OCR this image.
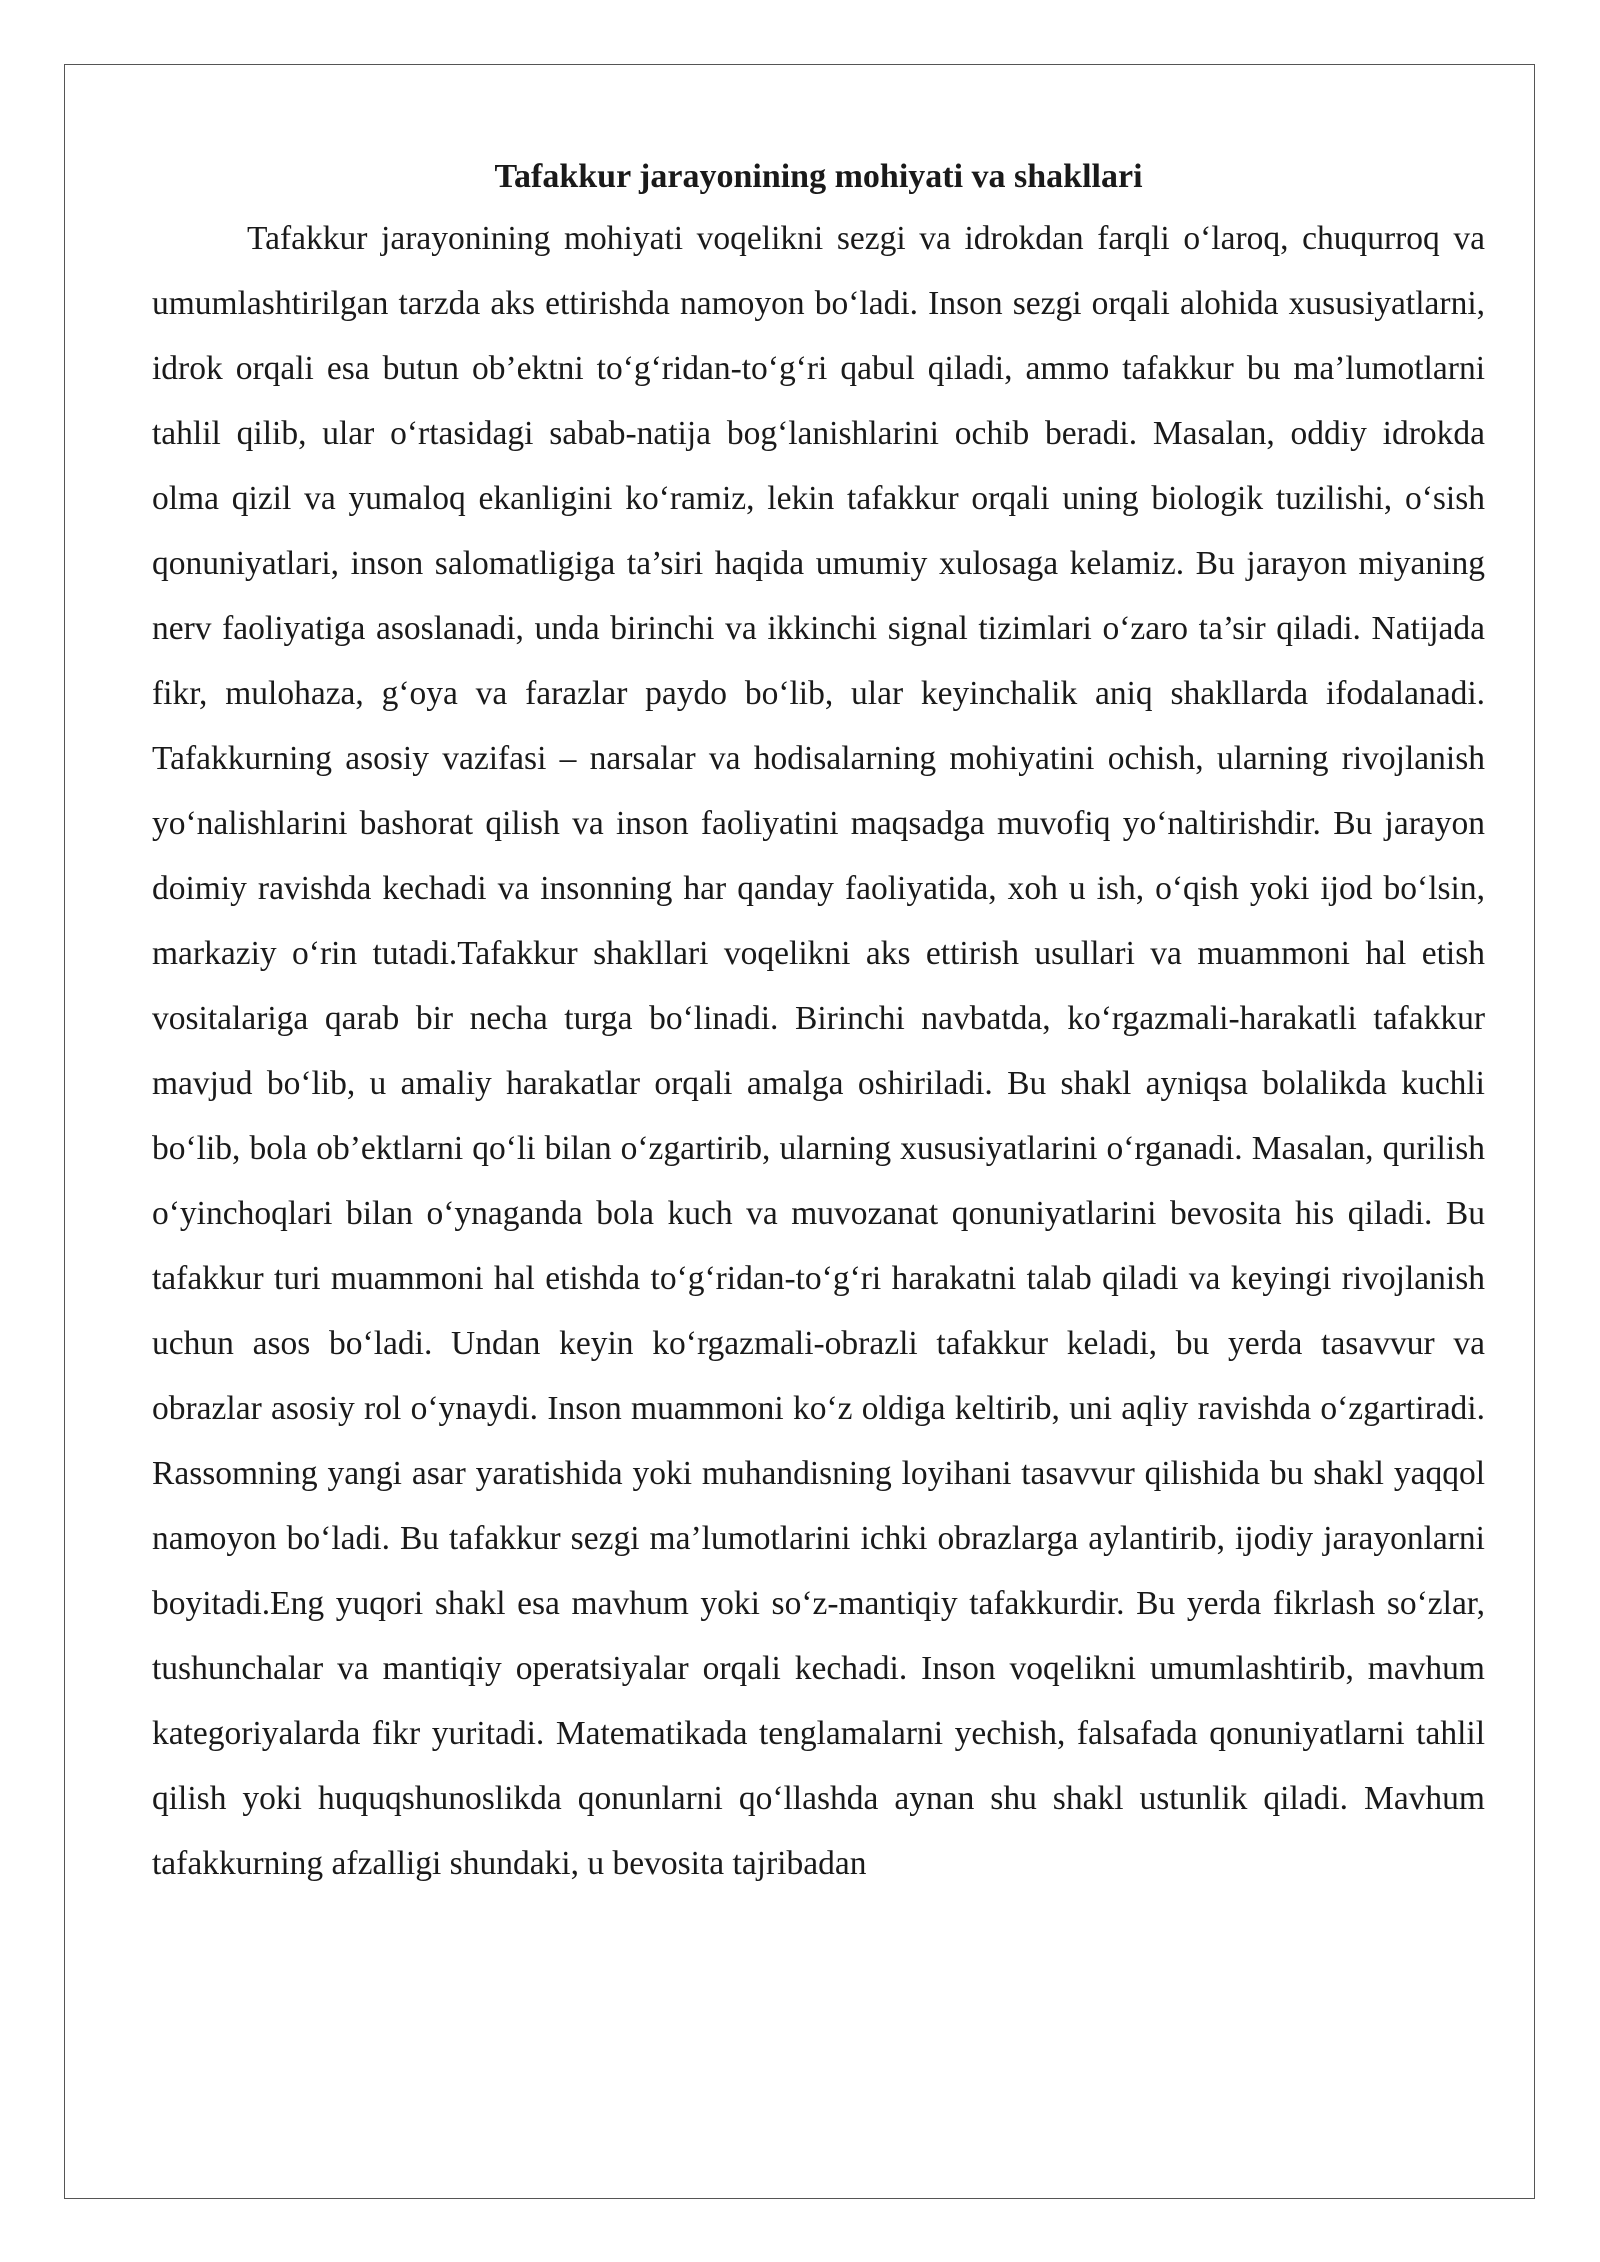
Tafakkur jarayonining mohiyati va shakllari

Tafakkur jarayonining mohiyati voqelikni sezgi va idrokdan farqli o‘laroq, chuqurroq va umumlashtirilgan tarzda aks ettirishda namoyon bo‘ladi. Inson sezgi orqali alohida xususiyatlarni, idrok orqali esa butun ob’ektni to‘g‘ridan-to‘g‘ri qabul qiladi, ammo tafakkur bu ma’lumotlarni tahlil qilib, ular o‘rtasidagi sabab-natija bog‘lanishlarini ochib beradi. Masalan, oddiy idrokda olma qizil va yumaloq ekanligini ko‘ramiz, lekin tafakkur orqali uning biologik tuzilishi, o‘sish qonuniyatlari, inson salomatligiga ta’siri haqida umumiy xulosaga kelamiz. Bu jarayon miyaning nerv faoliyatiga asoslanadi, unda birinchi va ikkinchi signal tizimlari o‘zaro ta’sir qiladi. Natijada fikr, mulohaza, g‘oya va farazlar paydo bo‘lib, ular keyinchalik aniq shakllarda ifodalanadi. Tafakkurning asosiy vazifasi – narsalar va hodisalarning mohiyatini ochish, ularning rivojlanish yo‘nalishlarini bashorat qilish va inson faoliyatini maqsadga muvofiq yo‘naltirishdir. Bu jarayon doimiy ravishda kechadi va insonning har qanday faoliyatida, xoh u ish, o‘qish yoki ijod bo‘lsin, markaziy o‘rin tutadi.Tafakkur shakllari voqelikni aks ettirish usullari va muammoni hal etish vositalariga qarab bir necha turga bo‘linadi. Birinchi navbatda, ko‘rgazmali-harakatli tafakkur mavjud bo‘lib, u amaliy harakatlar orqali amalga oshiriladi. Bu shakl ayniqsa bolalikda kuchli bo‘lib, bola ob’ektlarni qo‘li bilan o‘zgartirib, ularning xususiyatlarini o‘rganadi. Masalan, qurilish o‘yinchoqlari bilan o‘ynaganda bola kuch va muvozanat qonuniyatlarini bevosita his qiladi. Bu tafakkur turi muammoni hal etishda to‘g‘ridan-to‘g‘ri harakatni talab qiladi va keyingi rivojlanish uchun asos bo‘ladi. Undan keyin ko‘rgazmali-obrazli tafakkur keladi, bu yerda tasavvur va obrazlar asosiy rol o‘ynaydi. Inson muammoni ko‘z oldiga keltirib, uni aqliy ravishda o‘zgartiradi. Rassomning yangi asar yaratishida yoki muhandisning loyihani tasavvur qilishida bu shakl yaqqol namoyon bo‘ladi. Bu tafakkur sezgi ma’lumotlarini ichki obrazlarga aylantirib, ijodiy jarayonlarni boyitadi.Eng yuqori shakl esa mavhum yoki so‘z-mantiqiy tafakkurdir. Bu yerda fikrlash so‘zlar, tushunchalar va mantiqiy operatsiyalar orqali kechadi. Inson voqelikni umumlashtirib, mavhum kategoriyalarda fikr yuritadi. Matematikada tenglamalarni yechish, falsafada qonuniyatlarni tahlil qilish yoki huquqshunoslikda qonunlarni qo‘llashda aynan shu shakl ustunlik qiladi. Mavhum tafakkurning afzalligi shundaki, u bevosita tajribadan
